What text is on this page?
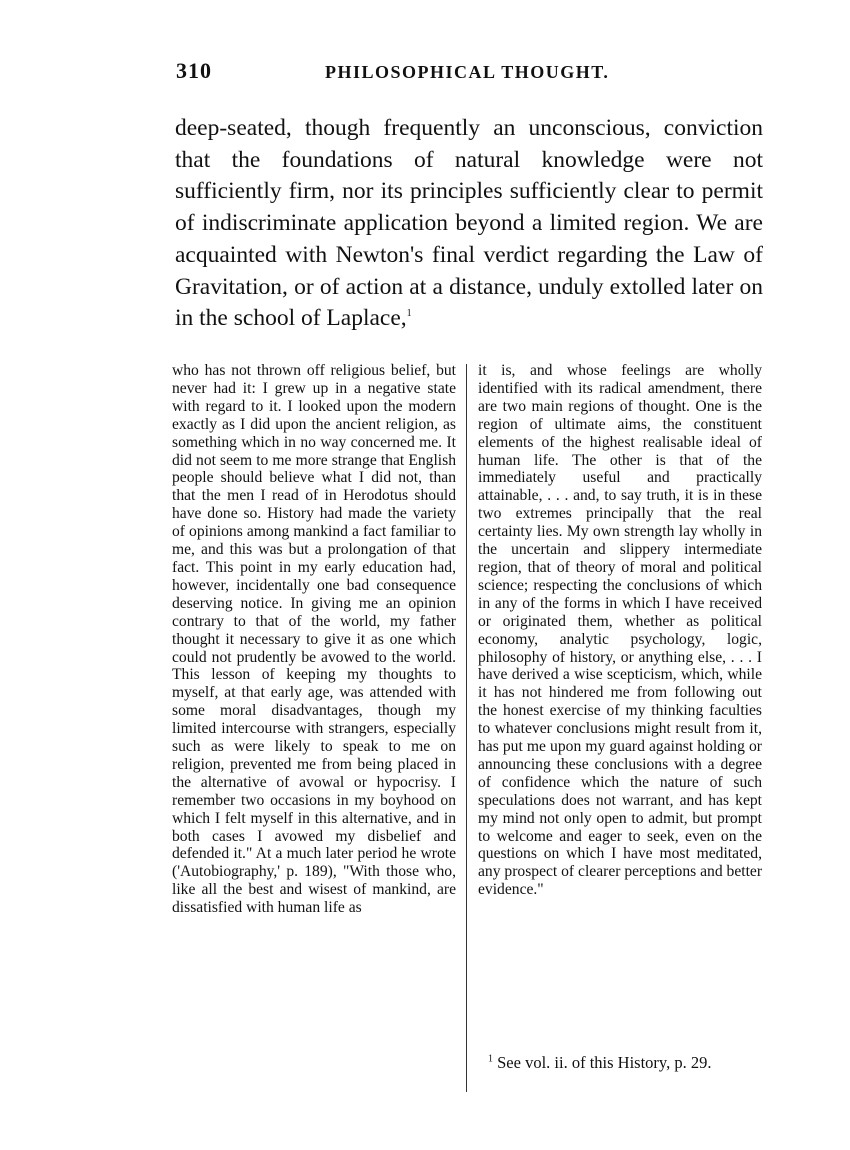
310	PHILOSOPHICAL THOUGHT.

deep-seated, though frequently an unconscious, conviction that the foundations of natural knowledge were not sufficiently firm, nor its principles sufficiently clear to permit of indiscriminate application beyond a limited region. We are acquainted with Newton's final verdict regarding the Law of Gravitation, or of action at a distance, unduly extolled later on in the school of Laplace,$^1$

who has not thrown off religious belief, but never had it: I grew up in a negative state with regard to it. I looked upon the modern exactly as I did upon the ancient religion, as something which in no way concerned me. It did not seem to me more strange that English people should believe what I did not, than that the men I read of in Herodotus should have done so. History had made the variety of opinions among mankind a fact familiar to me, and this was but a prolongation of that fact. This point in my early education had, however, incidentally one bad consequence deserving notice. In giving me an opinion contrary to that of the world, my father thought it necessary to give it as one which could not prudently be avowed to the world. This lesson of keeping my thoughts to myself, at that early age, was attended with some moral disadvantages, though my limited intercourse with strangers, especially such as were likely to speak to me on religion, prevented me from being placed in the alternative of avowal or hypocrisy. I remember two occasions in my boyhood on which I felt myself in this alternative, and in both cases I avowed my disbelief and defended it." At a much later period he wrote ('Autobiography,' p. 189), "With those who, like all the best and wisest of mankind, are dissatisfied with human life as

it is, and whose feelings are wholly identified with its radical amendment, there are two main regions of thought. One is the region of ultimate aims, the constituent elements of the highest realisable ideal of human life. The other is that of the immediately useful and practically attainable, . . . and, to say truth, it is in these two extremes principally that the real certainty lies. My own strength lay wholly in the uncertain and slippery intermediate region, that of theory of moral and political science; respecting the conclusions of which in any of the forms in which I have received or originated them, whether as political economy, analytic psychology, logic, philosophy of history, or anything else, . . . I have derived a wise scepticism, which, while it has not hindered me from following out the honest exercise of my thinking faculties to whatever conclusions might result from it, has put me upon my guard against holding or announcing these conclusions with a degree of confidence which the nature of such speculations does not warrant, and has kept my mind not only open to admit, but prompt to welcome and eager to seek, even on the questions on which I have most meditated, any prospect of clearer perceptions and better evidence."

$^1$ See vol. ii. of this History, p. 29.
